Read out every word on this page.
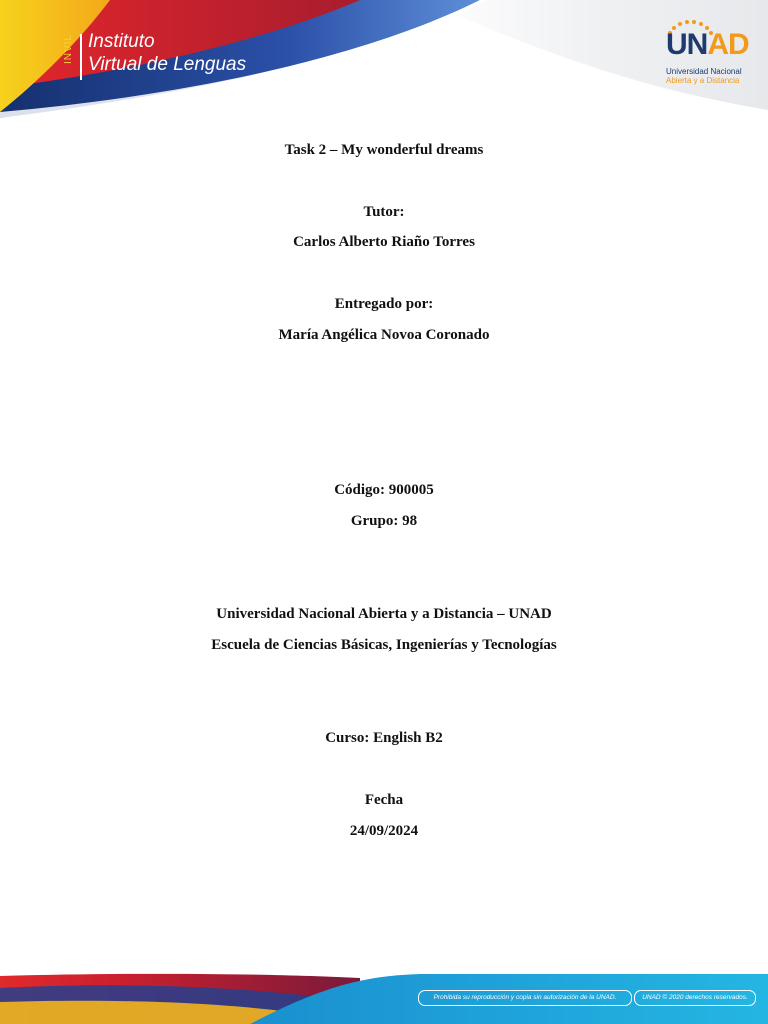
INVIL Instituto
Virtual de Lenguas
UNAD
Universidad Nacional
Abierta y a Distancia
Task 2 – My wonderful dreams
Tutor:
Carlos Alberto Riaño Torres
Entregado por:
María Angélica Novoa Coronado
Código: 900005
Grupo: 98
Universidad Nacional Abierta y a Distancia – UNAD
Escuela de Ciencias Básicas, Ingenierías y Tecnologías
Curso: English B2
Fecha
24/09/2024
Prohibida su reproducción y copia sin autorización de la UNAD.	UNAD © 2020 derechos reservados.
